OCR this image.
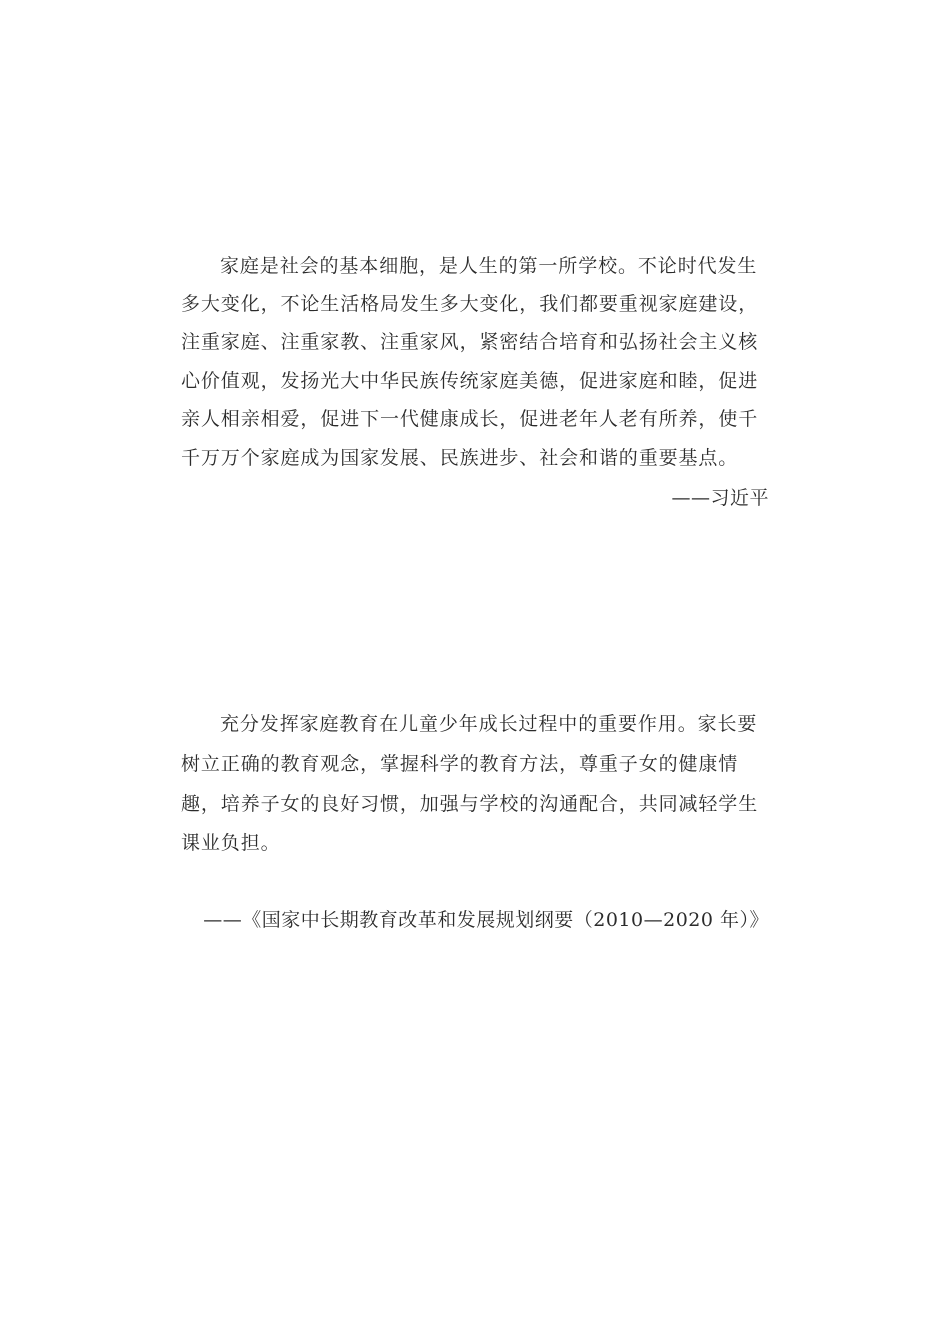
家庭是社会的基本细胞，是人生的第一所学校。不论时代发生
多大变化，不论生活格局发生多大变化，我们都要重视家庭建设，
注重家庭、注重家教、注重家风，紧密结合培育和弘扬社会主义核
心价值观，发扬光大中华民族传统家庭美德，促进家庭和睦，促进
亲人相亲相爱，促进下一代健康成长，促进老年人老有所养，使千
千万万个家庭成为国家发展、民族进步、社会和谐的重要基点。
——习近平
充分发挥家庭教育在儿童少年成长过程中的重要作用。家长要
树立正确的教育观念，掌握科学的教育方法，尊重子女的健康情
趣，培养子女的良好习惯，加强与学校的沟通配合，共同减轻学生
课业负担。
——《国家中长期教育改革和发展规划纲要（2010—2020 年）》
